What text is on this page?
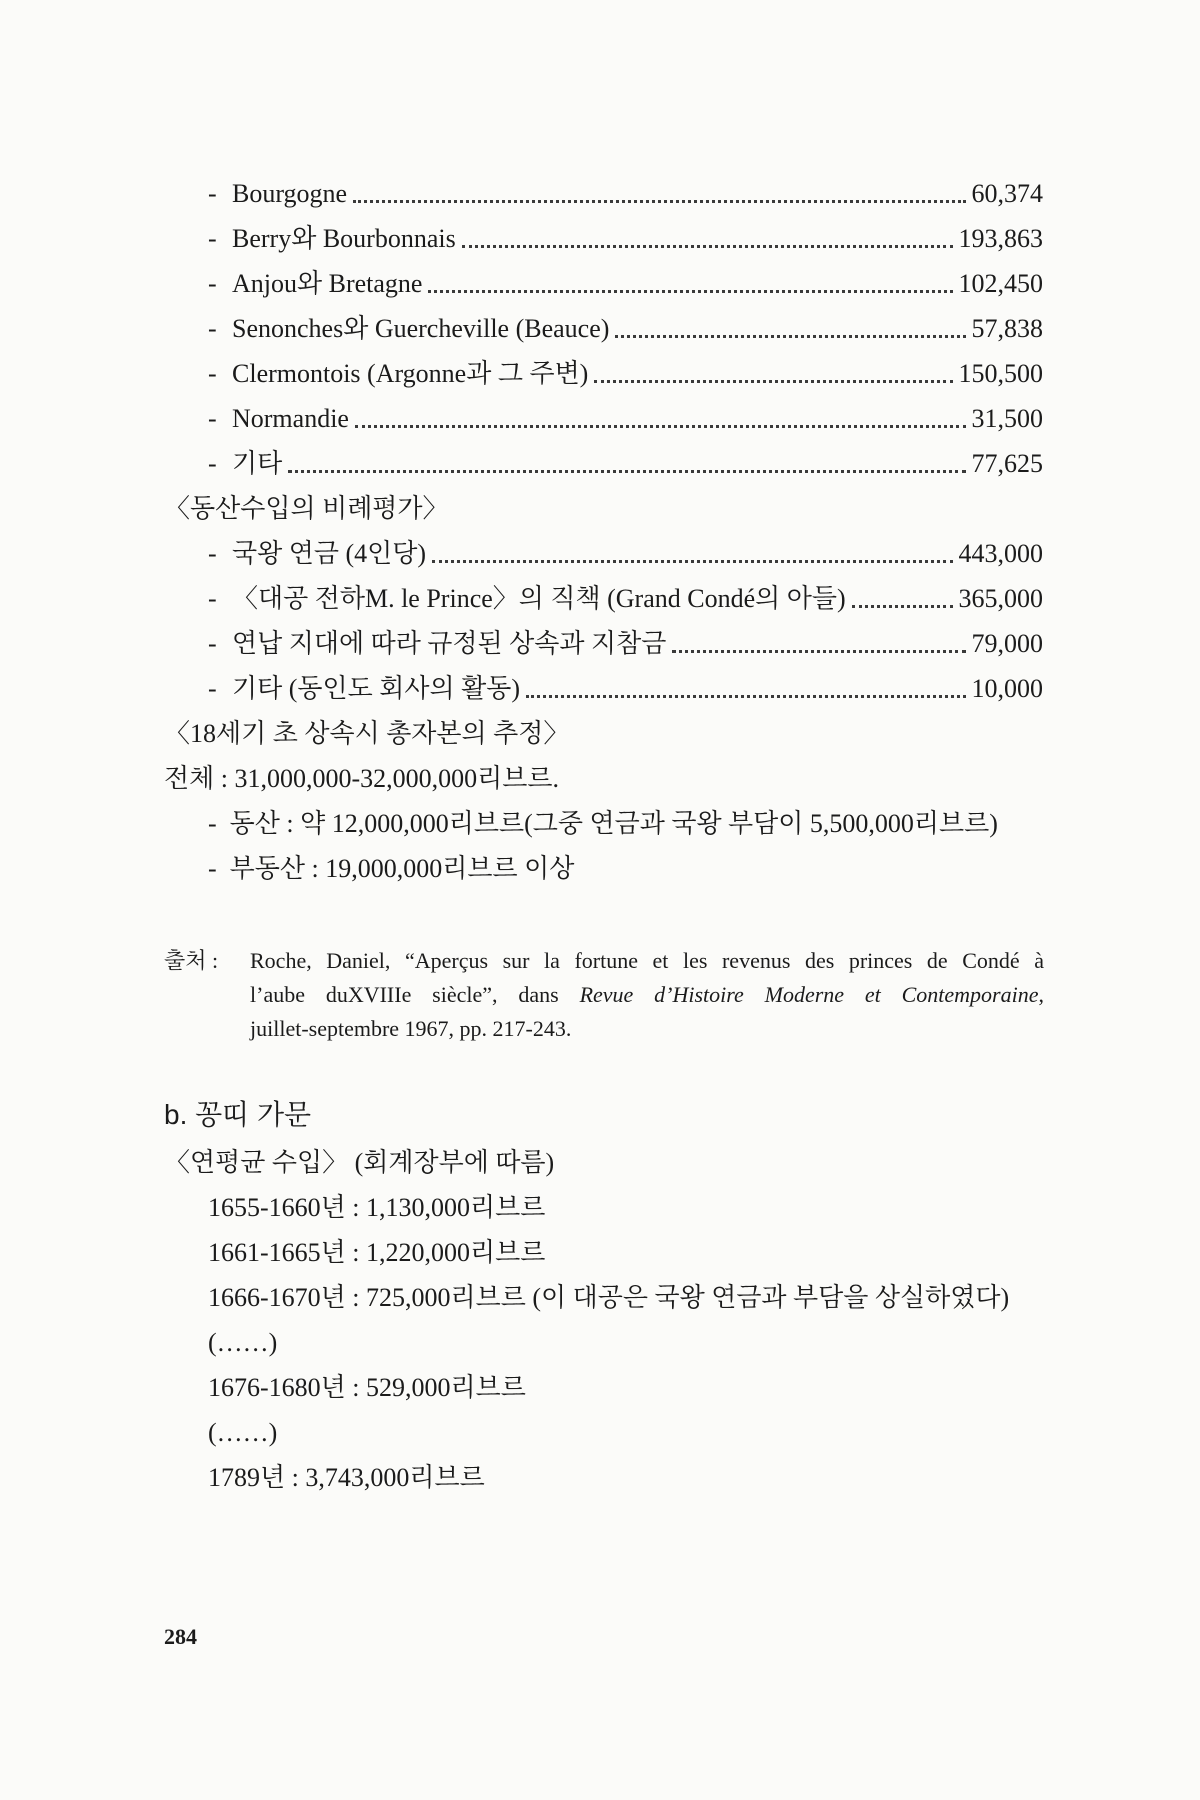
- Bourgogne	60,374
- Berry와 Bourbonnais	193,863
- Anjou와 Bretagne	102,450
- Senonches와 Guercheville (Beauce)	57,838
- Clermontois (Argonne과 그 주변)	150,500
- Normandie	31,500
- 기타	77,625
〈동산수입의 비례평가〉
- 국왕 연금 (4인당)	443,000
- 〈대공 전하M. le Prince〉의 직책 (Grand Condé의 아들)	365,000
- 연납 지대에 따라 규정된 상속과 지참금	79,000
- 기타 (동인도 회사의 활동)	10,000
〈18세기 초 상속시 총자본의 추정〉
전체 : 31,000,000-32,000,000리브르.
- 동산 : 약 12,000,000리브르(그중 연금과 국왕 부담이 5,500,000리브르)
- 부동산 : 19,000,000리브르 이상
출처 : Roche, Daniel, “Aperçus sur la fortune et les revenus des princes de Condé à

l’aube duXVIIIe siècle”, dans Revue d’Histoire Moderne et Contemporaine,

juillet-septembre 1967, pp. 217-243.

b. 꽁띠 가문
〈연평균 수입〉 (회계장부에 따름)
1655-1660년 : 1,130,000리브르
1661-1665년 : 1,220,000리브르
1666-1670년 : 725,000리브르 (이 대공은 국왕 연금과 부담을 상실하였다)
(……)
1676-1680년 : 529,000리브르
(……)
1789년 : 3,743,000리브르
284
